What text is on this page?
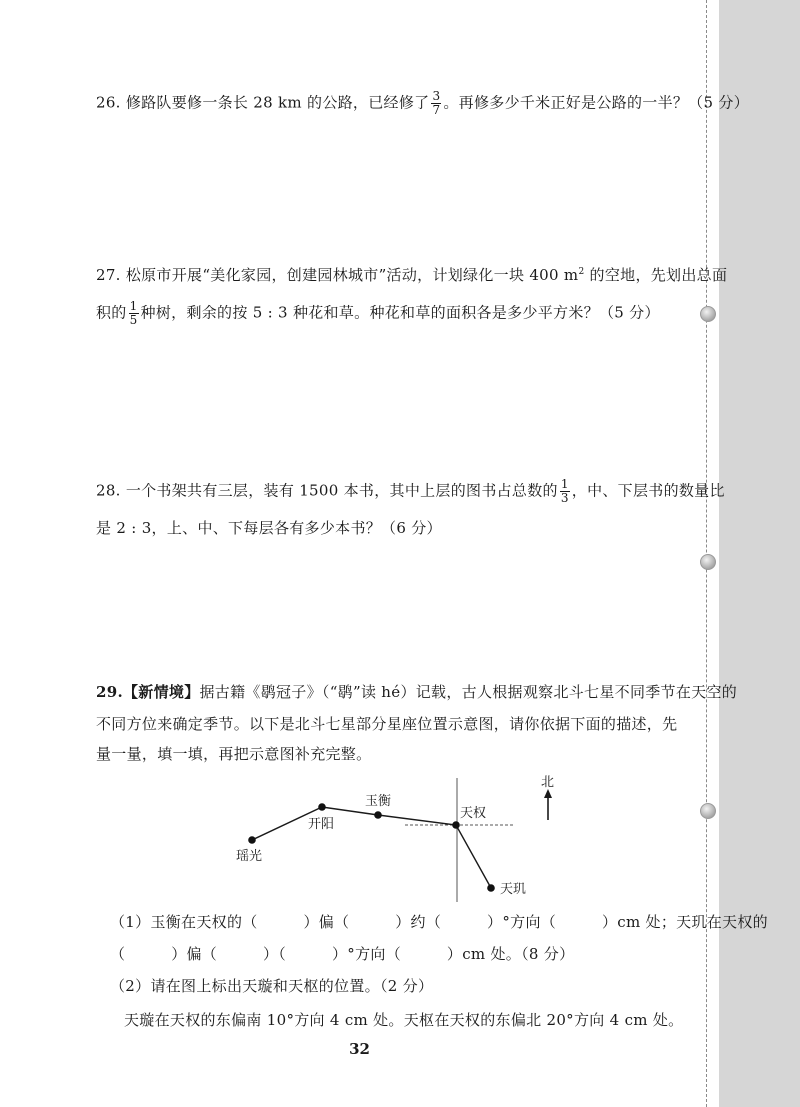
26. 修路队要修一条长 28 km 的公路，已经修了 $\frac{3}{7}$ 。再修多少千米正好是公路的一半？（5 分）
27. 松原市开展“美化家园，创建园林城市”活动，计划绿化一块 400 $m^2$ 的空地，先划出总面
积的 $\frac{1}{5}$ 种树，剩余的按 5 : 3 种花和草。种花和草的面积各是多少平方米？（5 分）
28. 一个书架共有三层，装有 1500 本书，其中上层的图书占总数的 $\frac{1}{3}$ ，中、下层书的数量比
是 2 : 3，上、中、下每层各有多少本书？（6 分）
29.【新情境】据古籍《鹖冠子》（“鹖”读 hé）记载，古人根据观察北斗七星不同季节在天空的
不同方位来确定季节。以下是北斗七星部分星座位置示意图，请你依据下面的描述，先
量一量，填一填，再把示意图补充完整。
瑶光
开阳
玉衡
天权
天玑
北
（1）玉衡在天权的（　　　）偏（　　　）约（　　　）°方向（　　　）cm 处；天玑在天权的
（　　　）偏（　　　）（　　　）°方向（　　　）cm 处。（8 分）
（2）请在图上标出天璇和天枢的位置。（2 分）
天璇在天权的东偏南 10°方向 4 cm 处。天枢在天权的东偏北 20°方向 4 cm 处。
32
